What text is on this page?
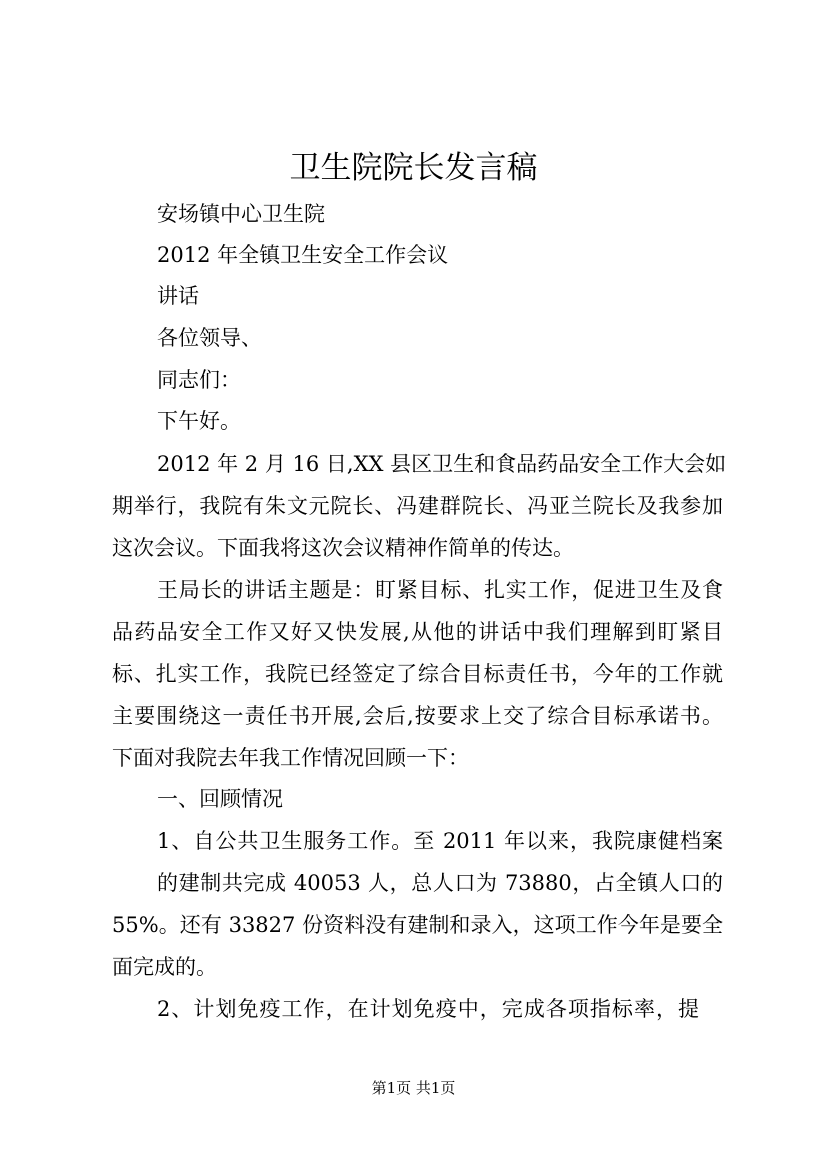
卫生院院长发言稿

安场镇中心卫生院

2012 年全镇卫生安全工作会议

讲话

各位领导、

同志们：

下午好。

2012 年 2 月 16 日,XX 县区卫生和食品药品安全工作大会如

期举行，我院有朱文元院长、冯建群院长、冯亚兰院长及我参加

这次会议。下面我将这次会议精神作简单的传达。

王局长的讲话主题是：盯紧目标、扎实工作，促进卫生及食

品药品安全工作又好又快发展,从他的讲话中我们理解到盯紧目

标、扎实工作，我院已经签定了综合目标责任书，今年的工作就

主要围绕这一责任书开展,会后,按要求上交了综合目标承诺书。

下面对我院去年我工作情况回顾一下：

一、回顾情况

1、自公共卫生服务工作。至 2011 年以来，我院康健档案

的建制共完成 40053 人，总人口为 73880，占全镇人口的

55%。还有 33827 份资料没有建制和录入，这项工作今年是要全

面完成的。

2、计划免疫工作，在计划免疫中，完成各项指标率，提

第1页 共1页
